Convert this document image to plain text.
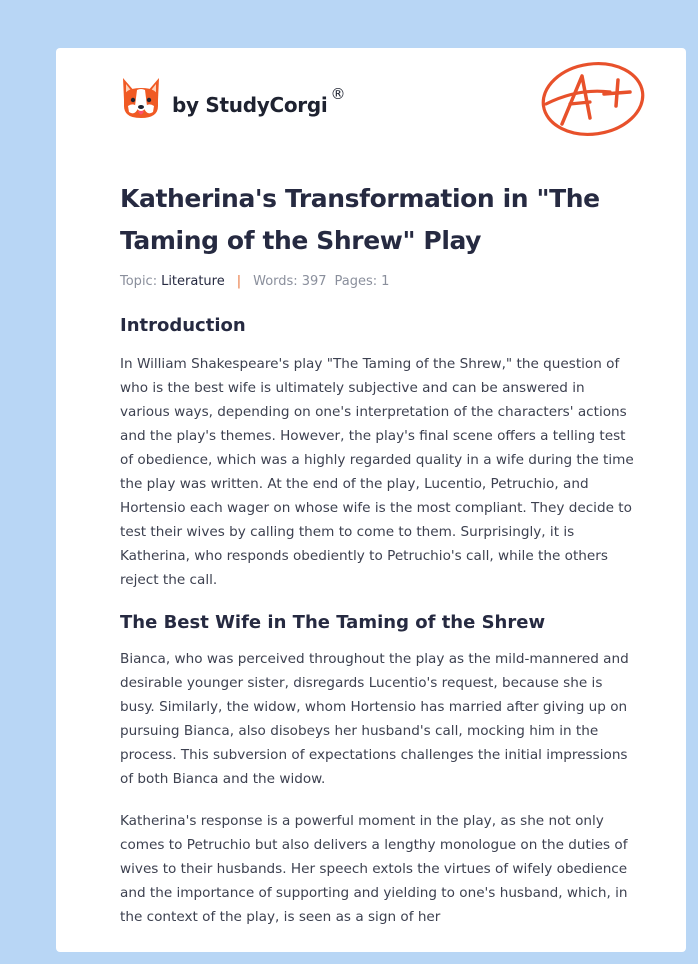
by StudyCorgi ®
Katherina's Transformation in "The Taming of the Shrew" Play
Topic: Literature | Words: 397 Pages: 1
Introduction

In William Shakespeare's play "The Taming of the Shrew," the question of who is the best wife is ultimately subjective and can be answered in various ways, depending on one's interpretation of the characters' actions and the play's themes. However, the play's final scene offers a telling test of obedience, which was a highly regarded quality in a wife during the time the play was written. At the end of the play, Lucentio, Petruchio, and Hortensio each wager on whose wife is the most compliant. They decide to test their wives by calling them to come to them. Surprisingly, it is Katherina, who responds obediently to Petruchio's call, while the others reject the call.

The Best Wife in The Taming of the Shrew

Bianca, who was perceived throughout the play as the mild-mannered and desirable younger sister, disregards Lucentio's request, because she is busy. Similarly, the widow, whom Hortensio has married after giving up on pursuing Bianca, also disobeys her husband's call, mocking him in the process. This subversion of expectations challenges the initial impressions of both Bianca and the widow.

Katherina's response is a powerful moment in the play, as she not only comes to Petruchio but also delivers a lengthy monologue on the duties of wives to their husbands. Her speech extols the virtues of wifely obedience and the importance of supporting and yielding to one's husband, which, in the context of the play, is seen as a sign of her
